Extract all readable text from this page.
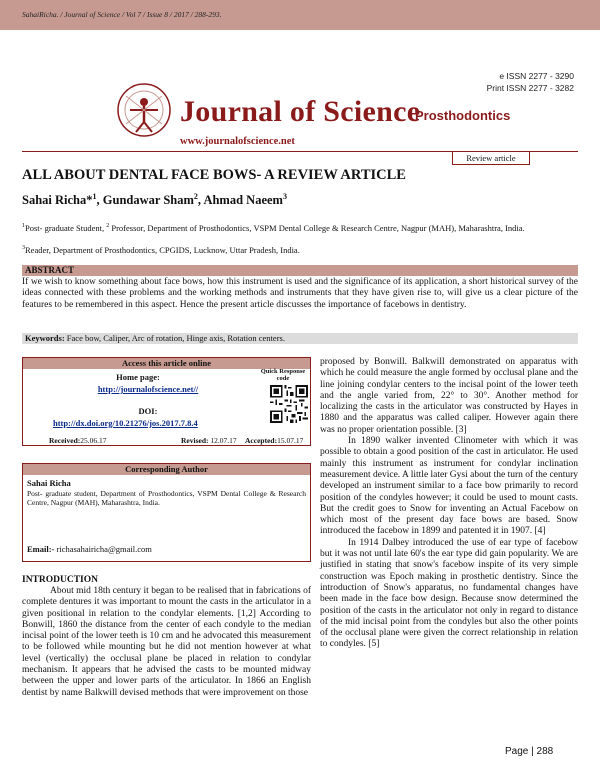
SahaiRicha. / Journal of Science / Vol 7 / Issue 8 / 2017 / 288-293.
e ISSN 2277 - 3290
Print ISSN 2277 - 3282
Journal of Science
www.journalofscience.net
Prosthodontics
Review article
ALL ABOUT DENTAL FACE BOWS- A REVIEW ARTICLE
Sahai Richa*$^1$, Gundawar Sham$^2$, Ahmad Naeem$^3$
$^1$Post- graduate Student, $^2$ Professor, Department of Prosthodontics, VSPM Dental College & Research Centre, Nagpur (MAH), Maharashtra, India.
$^3$Reader, Department of Prosthodontics, CPGIDS, Lucknow, Uttar Pradesh, India.
ABSTRACT
If we wish to know something about face bows, how this instrument is used and the significance of its application, a short historical survey of the ideas connected with these problems and the working methods and instruments that they have given rise to, will give us a clear picture of the features to be remembered in this aspect. Hence the present article discusses the importance of facebows in dentistry.
Keywords: Face bow, Caliper, Arc of rotation, Hinge axis, Rotation centers.
Access this article online
Home page:
http://journalofscience.net//
Quick Response code
DOI:
http://dx.doi.org/10.21276/jos.2017.7.8.4
Received:25.06.17	Revised: 12.07.17 Accepted:15.07.17
Corresponding Author
Sahai Richa
Post- graduate student, Department of Prosthodontics, VSPM Dental College & Research Centre, Nagpur (MAH), Maharashtra, India.
Email:- richasahairicha@gmail.com
INTRODUCTION

About mid 18th century it began to be realised that in fabrications of complete dentures it was important to mount the casts in the articulator in a given positional in relation to the condylar elements. [1,2] According to Bonwill, 1860 the distance from the center of each condyle to the median incisal point of the lower teeth is 10 cm and he advocated this measurement to be followed while mounting but he did not mention however at what level (vertically) the occlusal plane be placed in relation to condylar mechanism. It appears that he advised the casts to be mounted midway between the upper and lower parts of the articulator. In 1866 an English dentist by name Balkwill devised methods that were improvement on those

proposed by Bonwill. Balkwill demonstrated on apparatus with which he could measure the angle formed by occlusal plane and the line joining condylar centers to the incisal point of the lower teeth and the angle varied from, 22° to 30°. Another method for localizing the casts in the articulator was constructed by Hayes in 1880 and the apparatus was called caliper. However again there was no proper orientation possible. [3]

In 1890 walker invented Clinometer with which it was possible to obtain a good position of the cast in articulator. He used mainly this instrument as instrument for condylar inclination measurement device. A little later Gysi about the turn of the century developed an instrument similar to a face bow primarily to record position of the condyles however; it could be used to mount casts. But the credit goes to Snow for inventing an Actual Facebow on which most of the present day face bows are based. Snow introduced the facebow in 1899 and patented it in 1907. [4]

In 1914 Dalbey introduced the use of ear type of facebow but it was not until late 60's the ear type did gain popularity. We are justified in stating that snow's facebow inspite of its very simple construction was Epoch making in prosthetic dentistry. Since the introduction of Snow's apparatus, no fundamental changes have been made in the face bow design. Because snow determined the position of the casts in the articulator not only in regard to distance of the mid incisal point from the condyles but also the other points of the occlusal plane were given the correct relationship in relation to condyles. [5]

Page | 288
